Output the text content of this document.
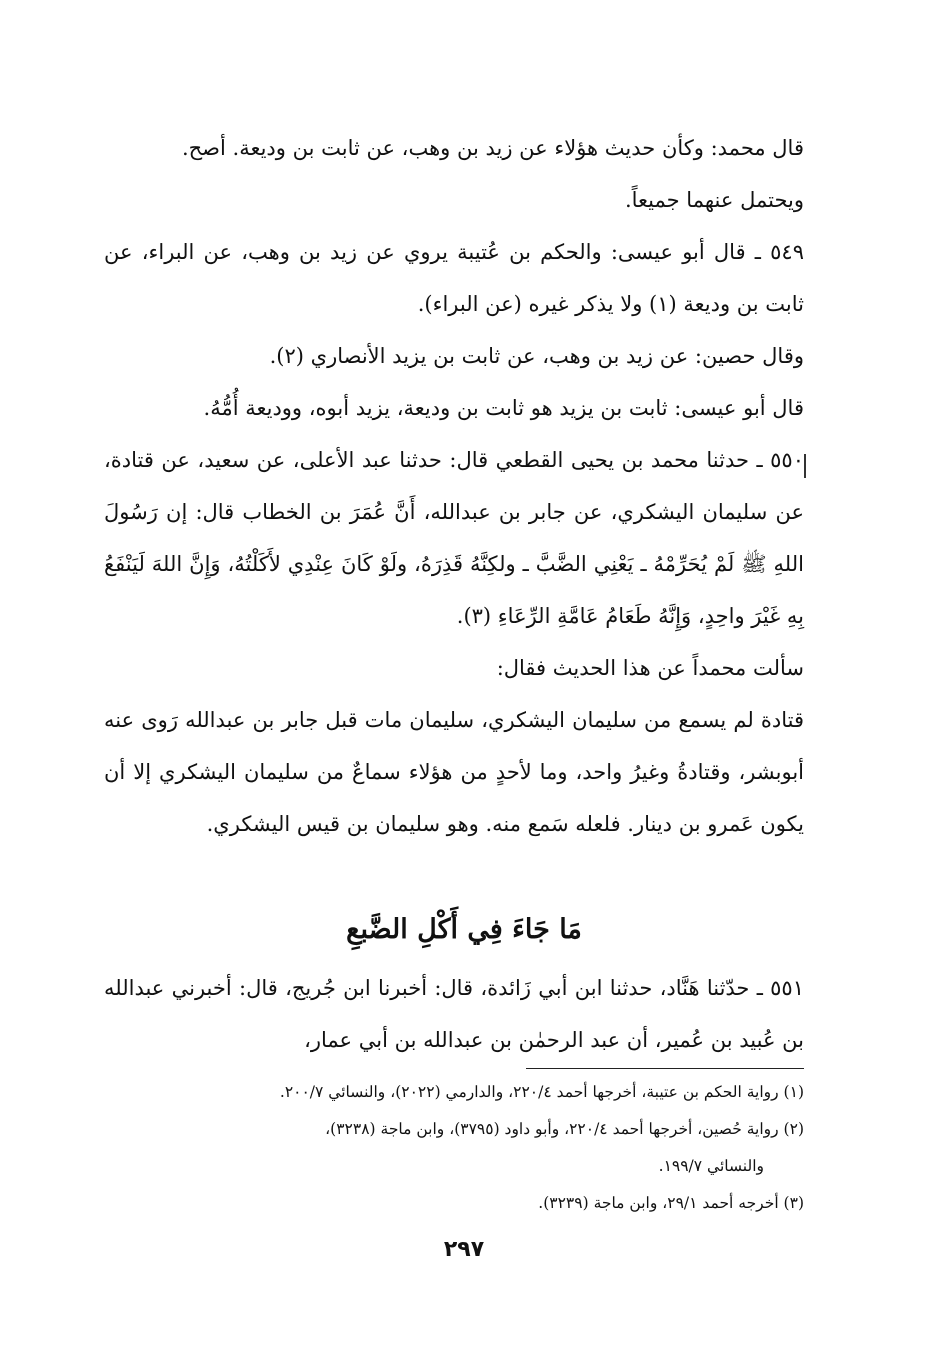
قال محمد: وكأن حديث هؤلاء عن زيد بن وهب، عن ثابت بن وديعة. أصح.

ويحتمل عنهما جميعاً.

٥٤٩ ـ قال أبو عيسى: والحكم بن عُتيبة يروي عن زيد بن وهب، عن البراء، عن ثابت بن وديعة (١) ولا يذكر غيره (عن البراء).

وقال حصين: عن زيد بن وهب، عن ثابت بن يزيد الأنصاري (٢).

قال أبو عيسى: ثابت بن يزيد هو ثابت بن وديعة، يزيد أبوه، ووديعة أُمُّهُ.

٥٥٠ ـ حدثنا محمد بن يحيى القطعي قال: حدثنا عبد الأعلى، عن سعيد، عن قتادة، عن سليمان اليشكري، عن جابر بن عبدالله، أَنَّ عُمَرَ بن الخطاب قال: إن رَسُولَ اللهِ ﷺ لَمْ يُحَرِّمْهُ ـ يَعْنِي الضَّبَّ ـ ولكِنَّهُ قَذِرَهُ، ولَوْ كَانَ عِنْدِي لأَكَلْتُهُ، وَإِنَّ اللهَ لَيَنْفَعُ بِهِ غَيْرَ واحِدٍ، وَإِنَّهُ طَعَامُ عَامَّةِ الرِّعَاءِ (٣).

سألت محمداً عن هذا الحديث فقال:

قتادة لم يسمع من سليمان اليشكري، سليمان مات قبل جابر بن عبدالله رَوى عنه أبوبشر، وقتادةُ وغيرُ واحد، وما لأحدٍ من هؤلاء سماعٌ من سليمان اليشكري إلا أن يكون عَمرو بن دينار. فلعله سَمع منه. وهو سليمان بن قيس اليشكري.

مَا جَاءَ فِي أَكْلِ الضَّبعِ

٥٥١ ـ حدّثنا هَنَّاد، حدثنا ابن أبي زَائدة، قال: أخبرنا ابن جُريج، قال: أخبرني عبدالله بن عُبيد بن عُمير، أن عبد الرحمٰن بن عبدالله بن أبي عمار،

(١) رواية الحكم بن عتيبة، أخرجها أحمد ٢٢٠/٤، والدارمي (٢٠٢٢)، والنسائي ٢٠٠/٧.

(٢) رواية حُصين، أخرجها أحمد ٢٢٠/٤، وأبو داود (٣٧٩٥)، وابن ماجة (٣٢٣٨)،

والنسائي ١٩٩/٧.

(٣) أخرجه أحمد ٢٩/١، وابن ماجة (٣٢٣٩).

٢٩٧
